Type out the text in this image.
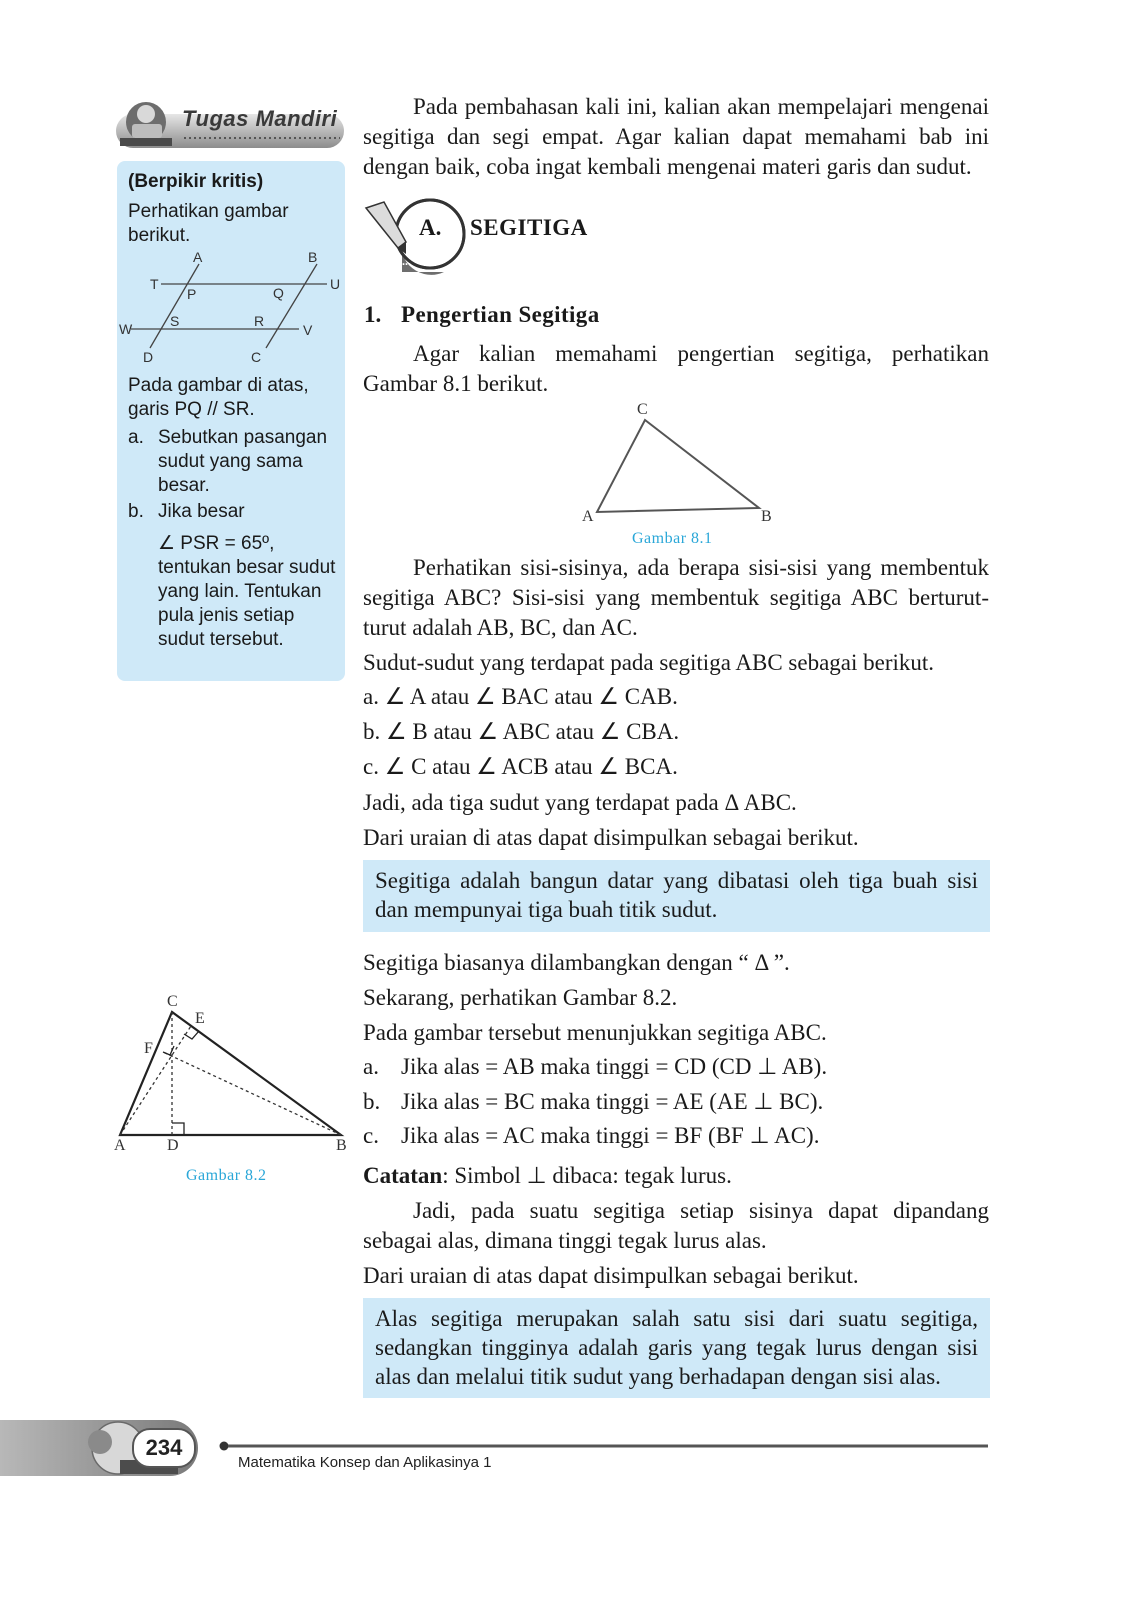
Tugas Mandiri
(Berpikir kritis)
Perhatikan gambar berikut.
A	B
T	U
P	Q
W	V
S	R
D	C
Pada gambar di atas, garis PQ // SR.
a. Sebutkan pasangan sudut yang sama besar.
b. Jika besar
∠ PSR = 65º, tentukan besar sudut yang lain. Tentukan pula jenis setiap sudut tersebut.
Pada pembahasan kali ini, kalian akan mempelajari mengenai segitiga dan segi empat. Agar kalian dapat memahami bab ini dengan baik, coba ingat kembali mengenai materi garis dan sudut.
1,2,3,...
A. SEGITIGA
1. Pengertian Segitiga
Agar kalian memahami pengertian segitiga, perhatikan Gambar 8.1 berikut.
C
A	B
Gambar 8.1
Perhatikan sisi-sisinya, ada berapa sisi-sisi yang membentuk segitiga ABC? Sisi-sisi yang membentuk segitiga ABC berturut-turut adalah AB, BC, dan AC.
Sudut-sudut yang terdapat pada segitiga ABC sebagai berikut.
a. ∠ A atau ∠ BAC atau ∠ CAB.
b. ∠ B atau ∠ ABC atau ∠ CBA.
c. ∠ C atau ∠ ACB atau ∠ BCA.
Jadi, ada tiga sudut yang terdapat pada Δ ABC.
Dari uraian di atas dapat disimpulkan sebagai berikut.
Segitiga adalah bangun datar yang dibatasi oleh tiga buah sisi dan mempunyai tiga buah titik sudut.
Segitiga biasanya dilambangkan dengan “ Δ ”.
Sekarang, perhatikan Gambar 8.2.
Pada gambar tersebut menunjukkan segitiga ABC.
a. Jika alas = AB maka tinggi = CD (CD ⊥ AB).
b. Jika alas = BC maka tinggi = AE (AE ⊥ BC).
c. Jika alas = AC maka tinggi = BF (BF ⊥ AC).
Catatan: Simbol ⊥ dibaca: tegak lurus.
Jadi, pada suatu segitiga setiap sisinya dapat dipandang sebagai alas, dimana tinggi tegak lurus alas.
Dari uraian di atas dapat disimpulkan sebagai berikut.
Alas segitiga merupakan salah satu sisi dari suatu segitiga, sedangkan tingginya adalah garis yang tegak lurus dengan sisi alas dan melalui titik sudut yang berhadapan dengan sisi alas.
C
E
F
A	D	B
Gambar 8.2
234
Matematika Konsep dan Aplikasinya 1
